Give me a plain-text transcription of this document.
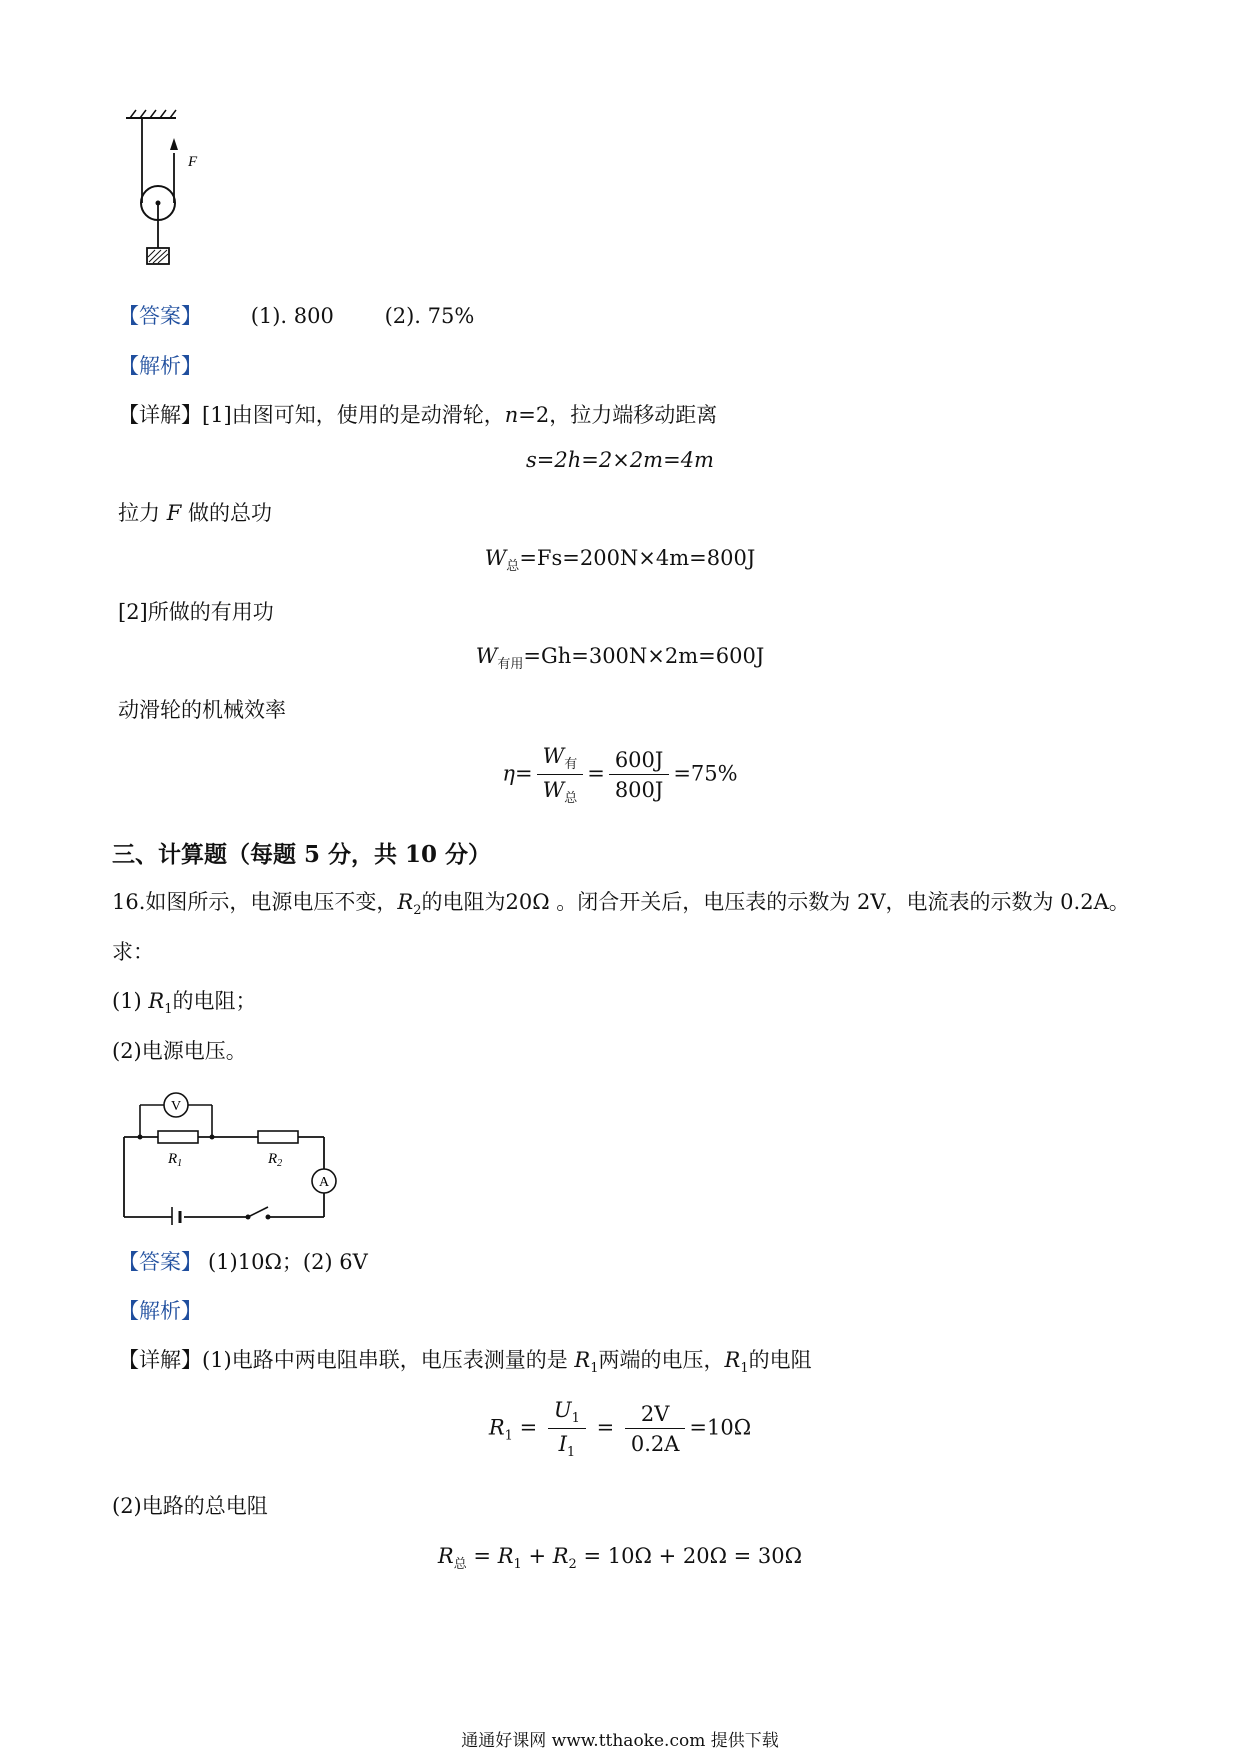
F
【答案】 (1). 800 (2). 75%
【解析】
【详解】[1]由图可知，使用的是动滑轮，n=2，拉力端移动距离
s=2h=2×2m=4m
拉力 F 做的总功
$W_总=Fs=200N\times 4m=800J$
[2]所做的有用功
$W_{有用}=Gh=300N\times 2m=600J$
动滑轮的机械效率
$\eta= \frac{W_有}{W_总} = \frac{600J}{800J} =75\%$
三、计算题（每题 5 分，共 10 分）
16.如图所示，电源电压不变，$R_2$的电阻为20Ω 。闭合开关后，电压表的示数为 2V，电流表的示数为 0.2A。
求：
(1) $R_1$的电阻；
(2)电源电压。
$R_1$	$R_2$
V
A
【答案】 (1)10Ω；(2) 6V
【解析】
【详解】(1)电路中两电阻串联，电压表测量的是 $R_1$两端的电压，$R_1$的电阻
$R_1 = \frac{U_1}{I_1} = \frac{2V}{0.2A} =10\Omega$
(2)电路的总电阻
$R_总 = R_1 + R_2 = 10\Omega + 20\Omega = 30\Omega$
通通好课网 www.tthaoke.com 提供下载
